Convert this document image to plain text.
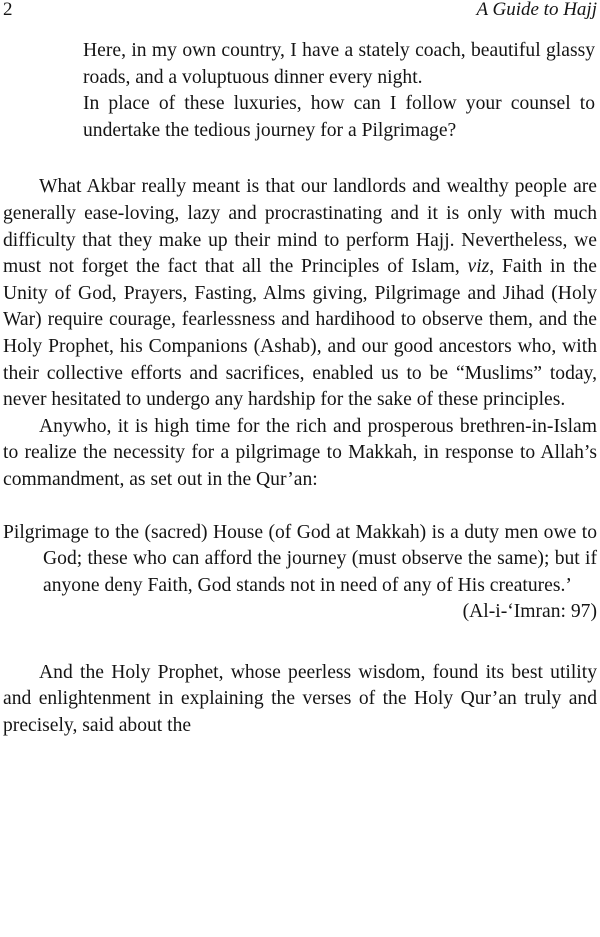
2	A Guide to Hajj

Here, in my own country, I have a stately coach, beautiful glassy roads, and a voluptuous dinner every night.

In place of these luxuries, how can I follow your counsel to undertake the tedious journey for a Pilgrimage?

What Akbar really meant is that our landlords and wealthy people are generally ease-loving, lazy and procrastinating and it is only with much difficulty that they make up their mind to perform Hajj. Nevertheless, we must not forget the fact that all the Principles of Islam, viz, Faith in the Unity of God, Prayers, Fasting, Alms giving, Pilgrimage and Jihad (Holy War) require courage, fearlessness and hardihood to observe them, and the Holy Prophet, his Companions (Ashab), and our good ancestors who, with their collective efforts and sacrifices, enabled us to be “Muslims” today, never hesitated to undergo any hardship for the sake of these principles.

Anywho, it is high time for the rich and prosperous brethren-in-Islam to realize the necessity for a pilgrimage to Makkah, in response to Allah’s commandment, as set out in the Qur’an:

Pilgrimage to the (sacred) House (of God at Makkah) is a duty men owe to God; these who can afford the journey (must observe the same); but if anyone deny Faith, God stands not in need of any of His creatures.’

(Al-i-‘Imran: 97)

And the Holy Prophet, whose peerless wisdom, found its best utility and enlightenment in explaining the verses of the Holy Qur’an truly and precisely, said about the
